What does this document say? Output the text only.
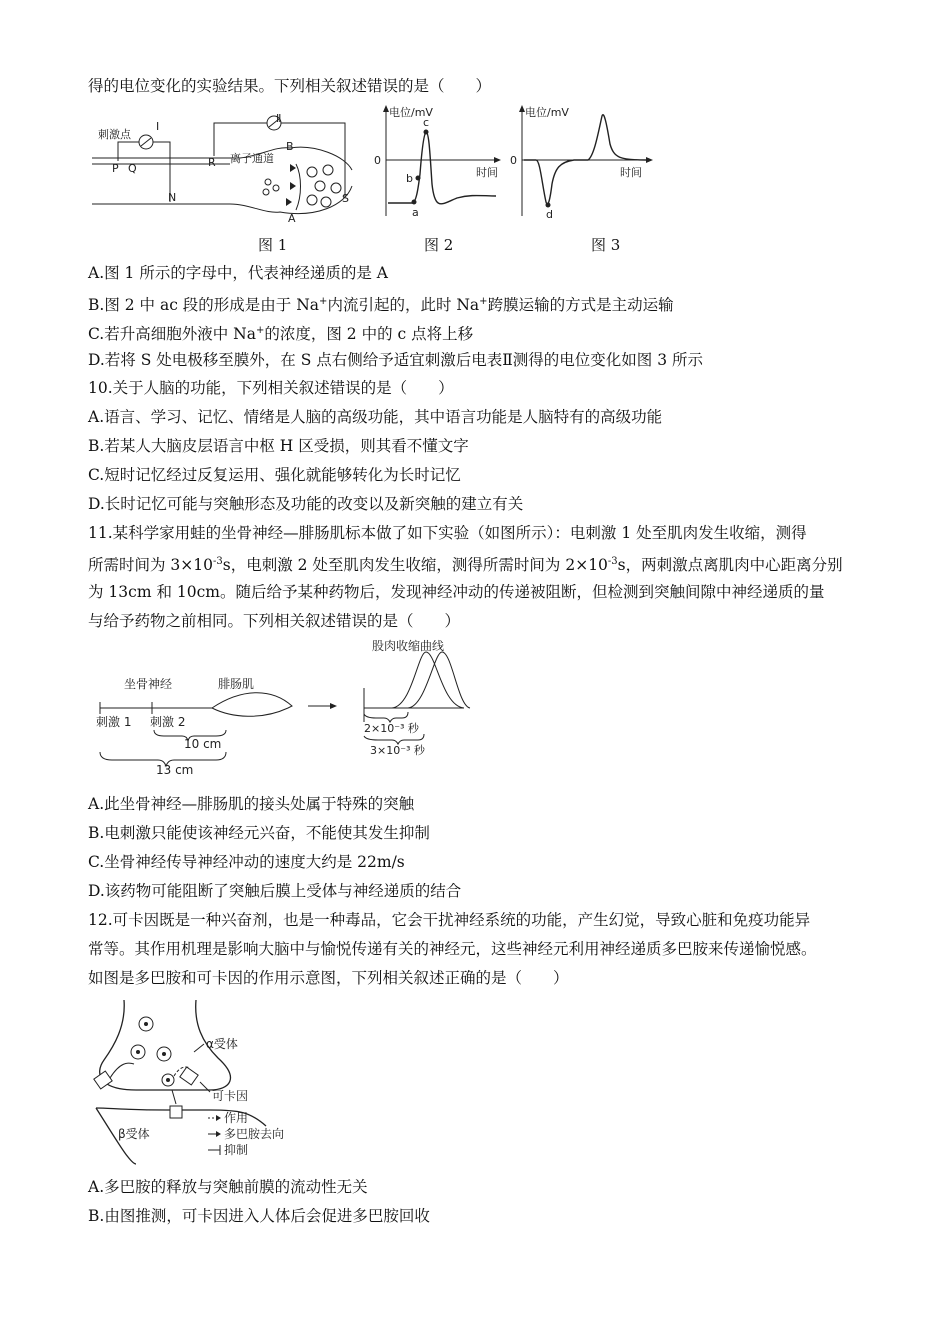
得的电位变化的实验结果。下列相关叙述错误的是（　　）
刺激点
P Q
I
N
R
Ⅱ
S
B
离子通道
A
图 1
电位/mV
0
时间
a
b
c
图 2
电位/mV
0
时间
d
图 3
A.图 1 所示的字母中，代表神经递质的是 A
B.图 2 中 ac 段的形成是由于 Na+内流引起的，此时 Na+跨膜运输的方式是主动运输
C.若升高细胞外液中 Na+的浓度，图 2 中的 c 点将上移
D.若将 S 处电极移至膜外，在 S 点右侧给予适宜刺激后电表Ⅱ测得的电位变化如图 3 所示
10.关于人脑的功能，下列相关叙述错误的是（　　）
A.语言、学习、记忆、情绪是人脑的高级功能，其中语言功能是人脑特有的高级功能
B.若某人大脑皮层语言中枢 H 区受损，则其看不懂文字
C.短时记忆经过反复运用、强化就能够转化为长时记忆
D.长时记忆可能与突触形态及功能的改变以及新突触的建立有关
11.某科学家用蛙的坐骨神经—腓肠肌标本做了如下实验（如图所示）：电刺激 1 处至肌肉发生收缩，测得
所需时间为 $3\times 10^{-3}s$，电刺激 2 处至肌肉发生收缩，测得所需时间为 $2\times 10^{-3}s$，两刺激点离肌肉中心距离分别
为 13cm 和 10cm。随后给予某种药物后，发现神经冲动的传递被阻断，但检测到突触间隙中神经递质的量
与给予药物之前相同。下列相关叙述错误的是（　　）
坐骨神经	腓肠肌
刺激 1 刺激 2
10 cm
13 cm
股肉收缩曲线
2×10⁻³ 秒
3×10⁻³ 秒
A.此坐骨神经—腓肠肌的接头处属于特殊的突触
B.电刺激只能使该神经元兴奋，不能使其发生抑制
C.坐骨神经传导神经冲动的速度大约是 22m/s
D.该药物可能阻断了突触后膜上受体与神经递质的结合
12.可卡因既是一种兴奋剂，也是一种毒品，它会干扰神经系统的功能，产生幻觉，导致心脏和免疫功能异
常等。其作用机理是影响大脑中与愉悦传递有关的神经元，这些神经元利用神经递质多巴胺来传递愉悦感。
如图是多巴胺和可卡因的作用示意图，下列相关叙述正确的是（　　）
α受体
可卡因
β受体
作用
多巴胺去向
抑制
A.多巴胺的释放与突触前膜的流动性无关
B.由图推测，可卡因进入人体后会促进多巴胺回收
